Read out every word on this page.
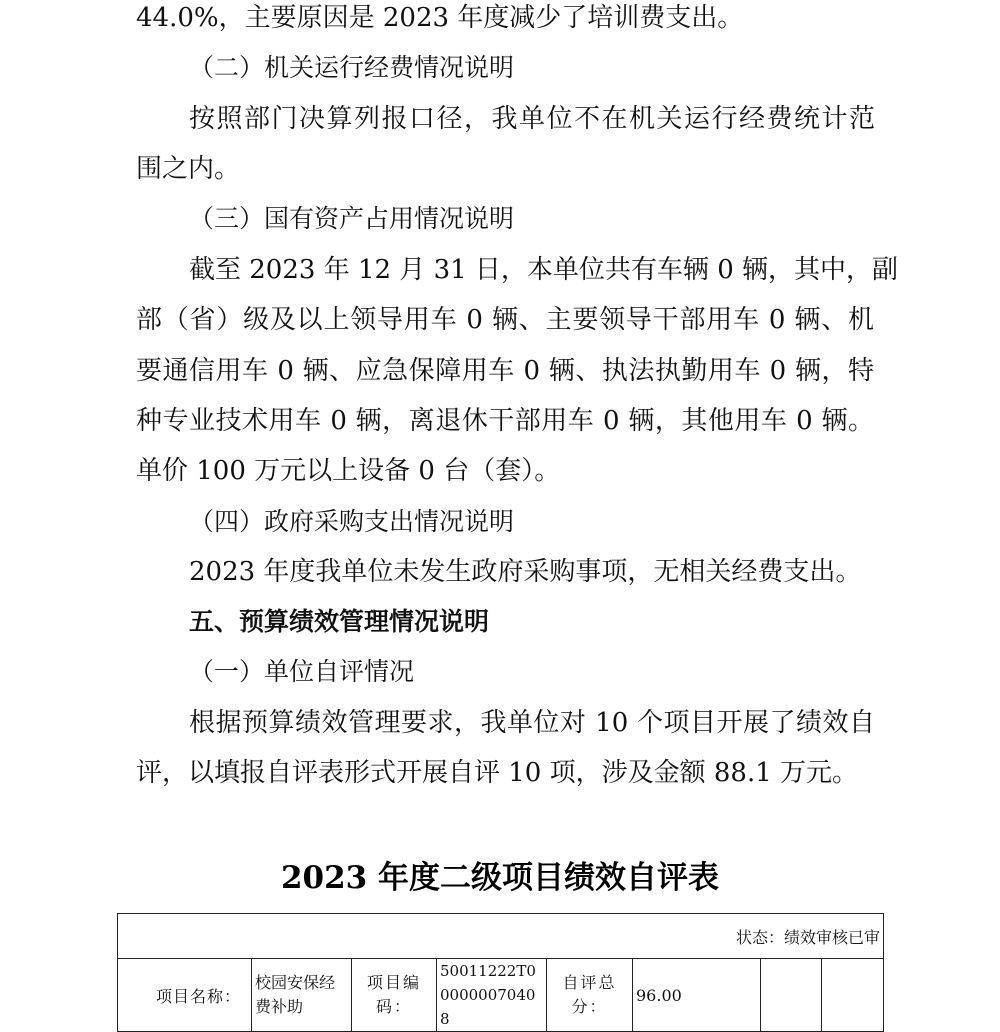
44.0%，主要原因是 2023 年度减少了培训费支出。
（二）机关运行经费情况说明
按照部门决算列报口径，我单位不在机关运行经费统计范
围之内。
（三）国有资产占用情况说明
截至 2023 年 12 月 31 日，本单位共有车辆 0 辆，其中，副
部（省）级及以上领导用车 0 辆、主要领导干部用车 0 辆、机
要通信用车 0 辆、应急保障用车 0 辆、执法执勤用车 0 辆，特
种专业技术用车 0 辆，离退休干部用车 0 辆，其他用车 0 辆。
单价 100 万元以上设备 0 台（套）。
（四）政府采购支出情况说明
2023 年度我单位未发生政府采购事项，无相关经费支出。
五、预算绩效管理情况说明
（一）单位自评情况
根据预算绩效管理要求，我单位对 10 个项目开展了绩效自
评，以填报自评表形式开展自评 10 项，涉及金额 88.1 万元。
2023 年度二级项目绩效自评表
状态：绩效审核已审
项目名称：	校园安保经费补助	项目编码：	50011222T000000070408	自评总分：	96.00		
